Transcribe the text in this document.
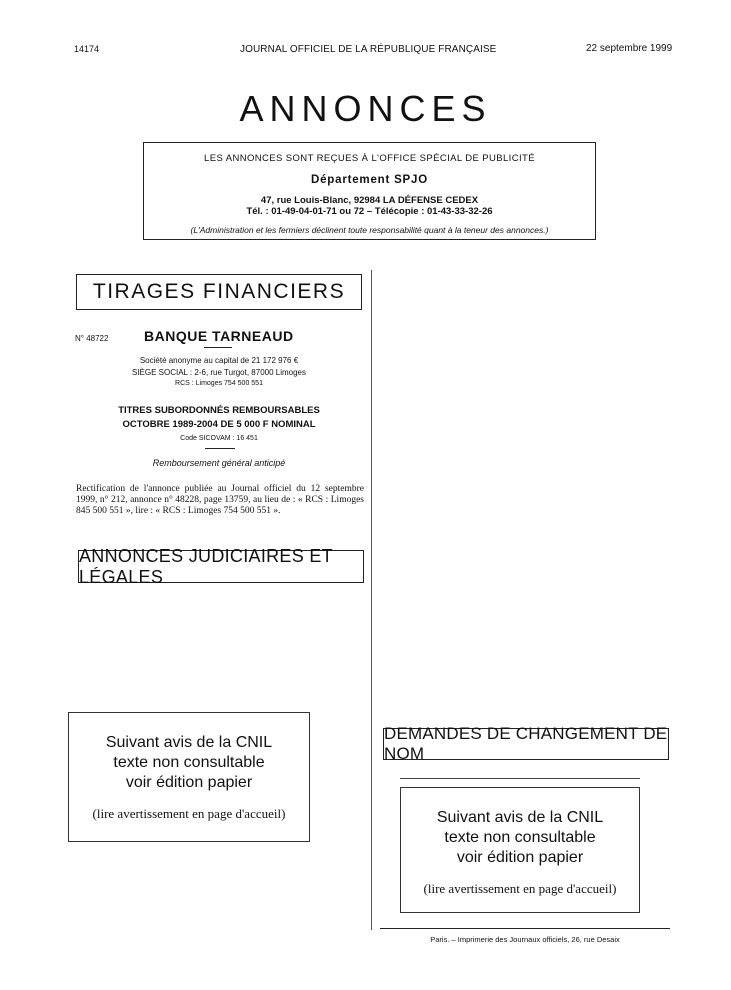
14174	JOURNAL OFFICIEL DE LA RÉPUBLIQUE FRANÇAISE	22 septembre 1999
ANNONCES
LES ANNONCES SONT REÇUES À L'OFFICE SPÉCIAL DE PUBLICITÉ
Département SPJO
47, rue Louis-Blanc, 92984 LA DÉFENSE CEDEX
Tél. : 01-49-04-01-71 ou 72 – Télécopie : 01-43-33-32-26
(L'Administration et les fermiers déclinent toute responsabilité quant à la teneur des annonces.)
TIRAGES FINANCIERS
N° 48722	BANQUE TARNEAUD
Société anonyme au capital de 21 172 976 €
SIÈGE SOCIAL : 2-6, rue Turgot, 87000 Limoges
RCS : Limoges 754 500 551
TITRES SUBORDONNÉS REMBOURSABLES
OCTOBRE 1989-2004 DE 5 000 F NOMINAL
Code SICOVAM : 16 451
Remboursement général anticipé
Rectification de l'annonce publiée au Journal officiel du 12 septembre 1999, n° 212, annonce n° 48228, page 13759, au lieu de : « RCS : Limoges 845 500 551 », lire : « RCS : Limoges 754 500 551 ».
ANNONCES JUDICIAIRES ET LÉGALES
Suivant avis de la CNIL
texte non consultable
voir édition papier
(lire avertissement en page d'accueil)
DEMANDES DE CHANGEMENT DE NOM
Suivant avis de la CNIL
texte non consultable
voir édition papier
(lire avertissement en page d'accueil)
Paris. – Imprimerie des Journaux officiels, 26, rue Desaix
